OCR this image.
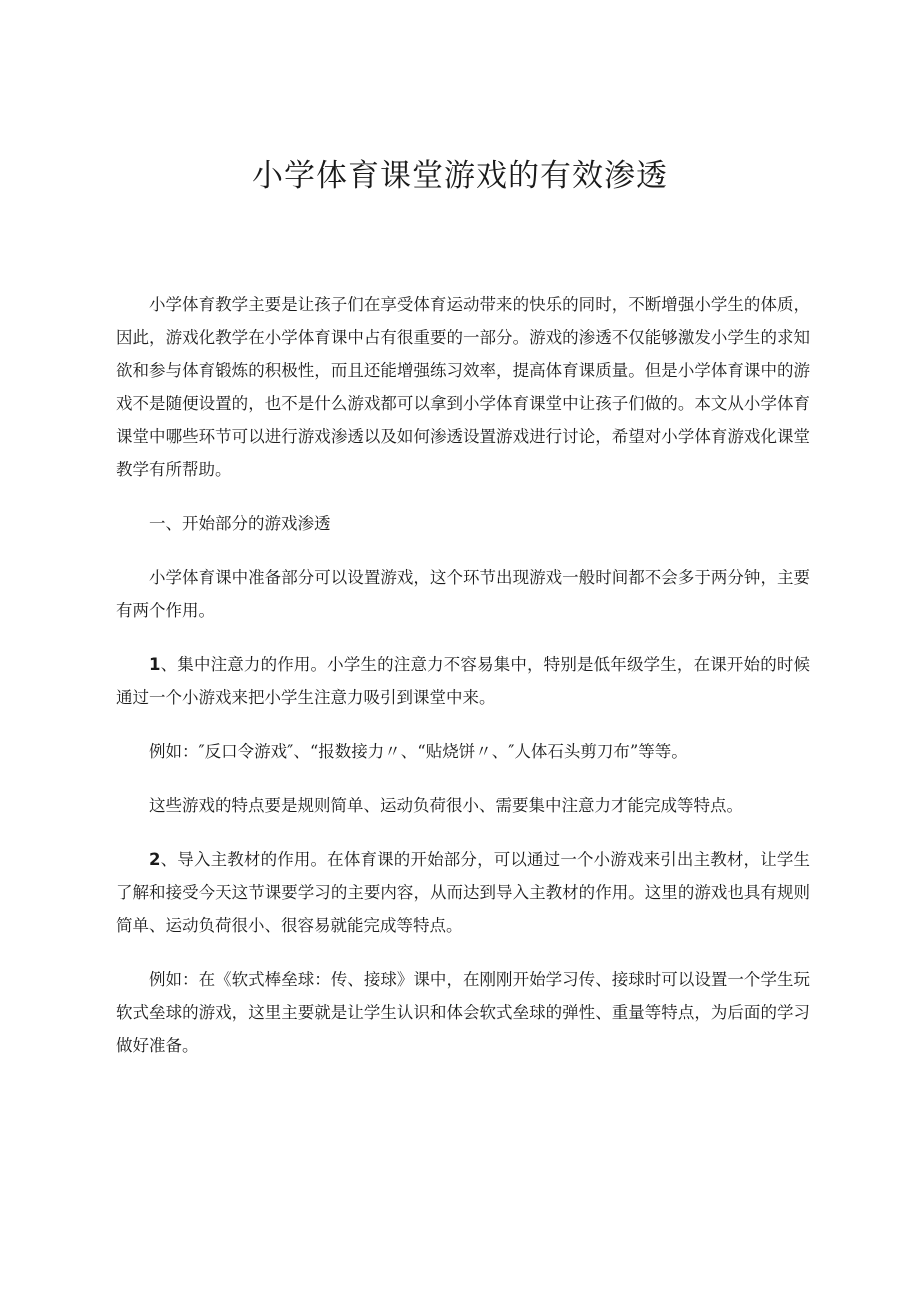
小学体育课堂游戏的有效渗透

小学体育教学主要是让孩子们在享受体育运动带来的快乐的同时，不断增强小学生的体质，因此，游戏化教学在小学体育课中占有很重要的一部分。游戏的渗透不仅能够激发小学生的求知欲和参与体育锻炼的积极性，而且还能增强练习效率，提高体育课质量。但是小学体育课中的游戏不是随便设置的，也不是什么游戏都可以拿到小学体育课堂中让孩子们做的。本文从小学体育课堂中哪些环节可以进行游戏渗透以及如何渗透设置游戏进行讨论，希望对小学体育游戏化课堂教学有所帮助。

一、开始部分的游戏渗透

小学体育课中准备部分可以设置游戏，这个环节出现游戏一般时间都不会多于两分钟，主要有两个作用。

1、集中注意力的作用。小学生的注意力不容易集中，特别是低年级学生，在课开始的时候通过一个小游戏来把小学生注意力吸引到课堂中来。

例如：″反口令游戏″、“报数接力〃、“贴烧饼〃、″人体石头剪刀布”等等。

这些游戏的特点要是规则简单、运动负荷很小、需要集中注意力才能完成等特点。

2、导入主教材的作用。在体育课的开始部分，可以通过一个小游戏来引出主教材，让学生了解和接受今天这节课要学习的主要内容，从而达到导入主教材的作用。这里的游戏也具有规则简单、运动负荷很小、很容易就能完成等特点。

例如：在《软式棒垒球：传、接球》课中，在刚刚开始学习传、接球时可以设置一个学生玩软式垒球的游戏，这里主要就是让学生认识和体会软式垒球的弹性、重量等特点，为后面的学习做好准备。
